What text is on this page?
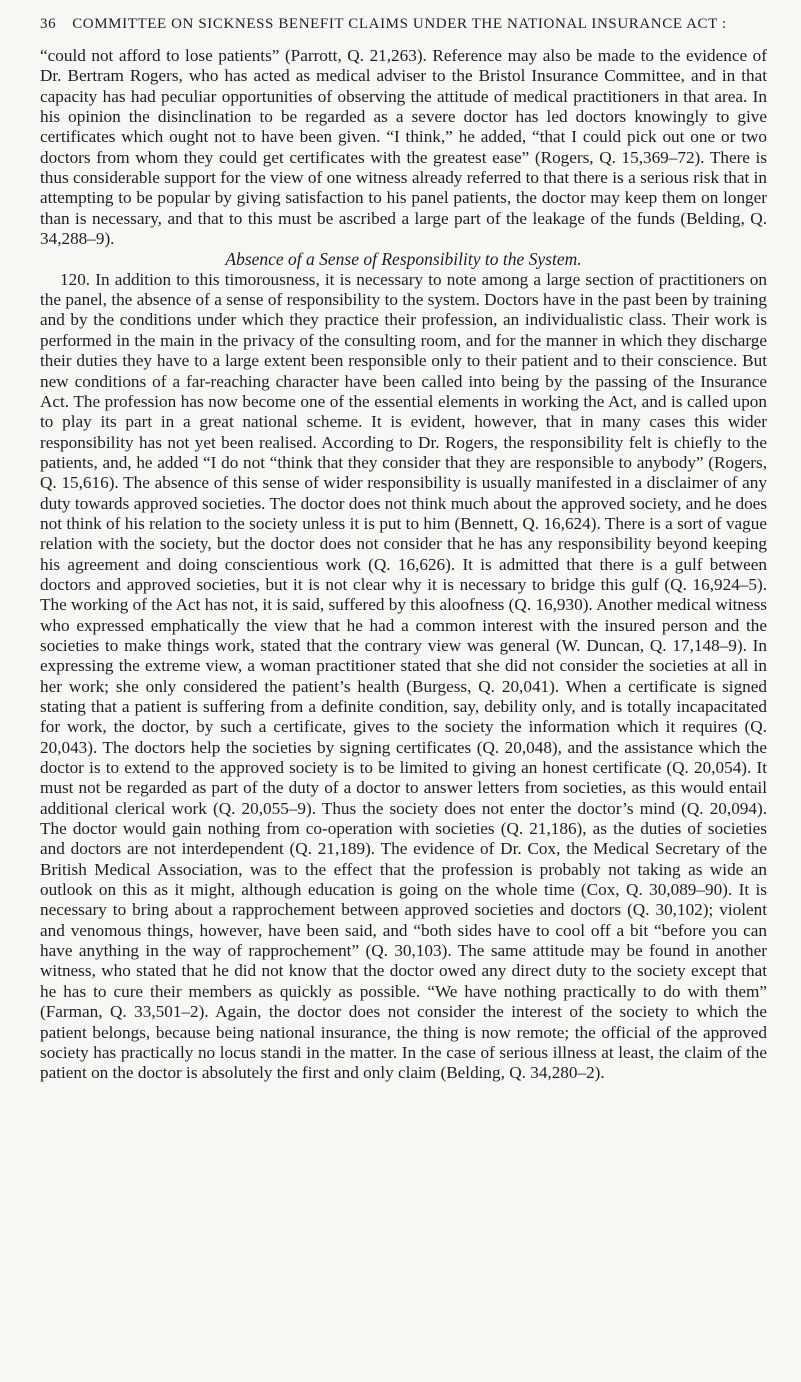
36 COMMITTEE ON SICKNESS BENEFIT CLAIMS UNDER THE NATIONAL INSURANCE ACT :

“could not afford to lose patients” (Parrott, Q. 21,263). Reference may also be made to the evidence of Dr. Bertram Rogers, who has acted as medical adviser to the Bristol Insurance Committee, and in that capacity has had peculiar opportunities of observing the attitude of medical practitioners in that area. In his opinion the disinclination to be regarded as a severe doctor has led doctors knowingly to give certificates which ought not to have been given. “I think,” he added, “that I could pick out one or two doctors from whom they could get certificates with the greatest ease” (Rogers, Q. 15,369–72). There is thus considerable support for the view of one witness already referred to that there is a serious risk that in attempting to be popular by giving satisfaction to his panel patients, the doctor may keep them on longer than is necessary, and that to this must be ascribed a large part of the leakage of the funds (Belding, Q. 34,288–9).

Absence of a Sense of Responsibility to the System.

120. In addition to this timorousness, it is necessary to note among a large section of practitioners on the panel, the absence of a sense of responsibility to the system. Doctors have in the past been by training and by the conditions under which they practice their profession, an individualistic class. Their work is performed in the main in the privacy of the consulting room, and for the manner in which they discharge their duties they have to a large extent been responsible only to their patient and to their conscience. But new conditions of a far-reaching character have been called into being by the passing of the Insurance Act. The profession has now become one of the essential elements in working the Act, and is called upon to play its part in a great national scheme. It is evident, however, that in many cases this wider responsibility has not yet been realised. According to Dr. Rogers, the responsibility felt is chiefly to the patients, and, he added “I do not “think that they consider that they are responsible to anybody” (Rogers, Q. 15,616). The absence of this sense of wider responsibility is usually manifested in a disclaimer of any duty towards approved societies. The doctor does not think much about the approved society, and he does not think of his relation to the society unless it is put to him (Bennett, Q. 16,624). There is a sort of vague relation with the society, but the doctor does not consider that he has any responsibility beyond keeping his agreement and doing conscientious work (Q. 16,626). It is admitted that there is a gulf between doctors and approved societies, but it is not clear why it is necessary to bridge this gulf (Q. 16,924–5). The working of the Act has not, it is said, suffered by this aloofness (Q. 16,930). Another medical witness who expressed emphatically the view that he had a common interest with the insured person and the societies to make things work, stated that the contrary view was general (W. Duncan, Q. 17,148–9). In expressing the extreme view, a woman practitioner stated that she did not consider the societies at all in her work; she only considered the patient’s health (Burgess, Q. 20,041). When a certificate is signed stating that a patient is suffering from a definite condition, say, debility only, and is totally incapacitated for work, the doctor, by such a certificate, gives to the society the information which it requires (Q. 20,043). The doctors help the societies by signing certificates (Q. 20,048), and the assistance which the doctor is to extend to the approved society is to be limited to giving an honest certificate (Q. 20,054). It must not be regarded as part of the duty of a doctor to answer letters from societies, as this would entail additional clerical work (Q. 20,055–9). Thus the society does not enter the doctor’s mind (Q. 20,094). The doctor would gain nothing from co-operation with societies (Q. 21,186), as the duties of societies and doctors are not interdependent (Q. 21,189). The evidence of Dr. Cox, the Medical Secretary of the British Medical Association, was to the effect that the profession is probably not taking as wide an outlook on this as it might, although education is going on the whole time (Cox, Q. 30,089–90). It is necessary to bring about a rapprochement between approved societies and doctors (Q. 30,102); violent and venomous things, however, have been said, and “both sides have to cool off a bit “before you can have anything in the way of rapprochement” (Q. 30,103). The same attitude may be found in another witness, who stated that he did not know that the doctor owed any direct duty to the society except that he has to cure their members as quickly as possible. “We have nothing practically to do with them” (Farman, Q. 33,501–2). Again, the doctor does not consider the interest of the society to which the patient belongs, because being national insurance, the thing is now remote; the official of the approved society has practically no locus standi in the matter. In the case of serious illness at least, the claim of the patient on the doctor is absolutely the first and only claim (Belding, Q. 34,280–2).
